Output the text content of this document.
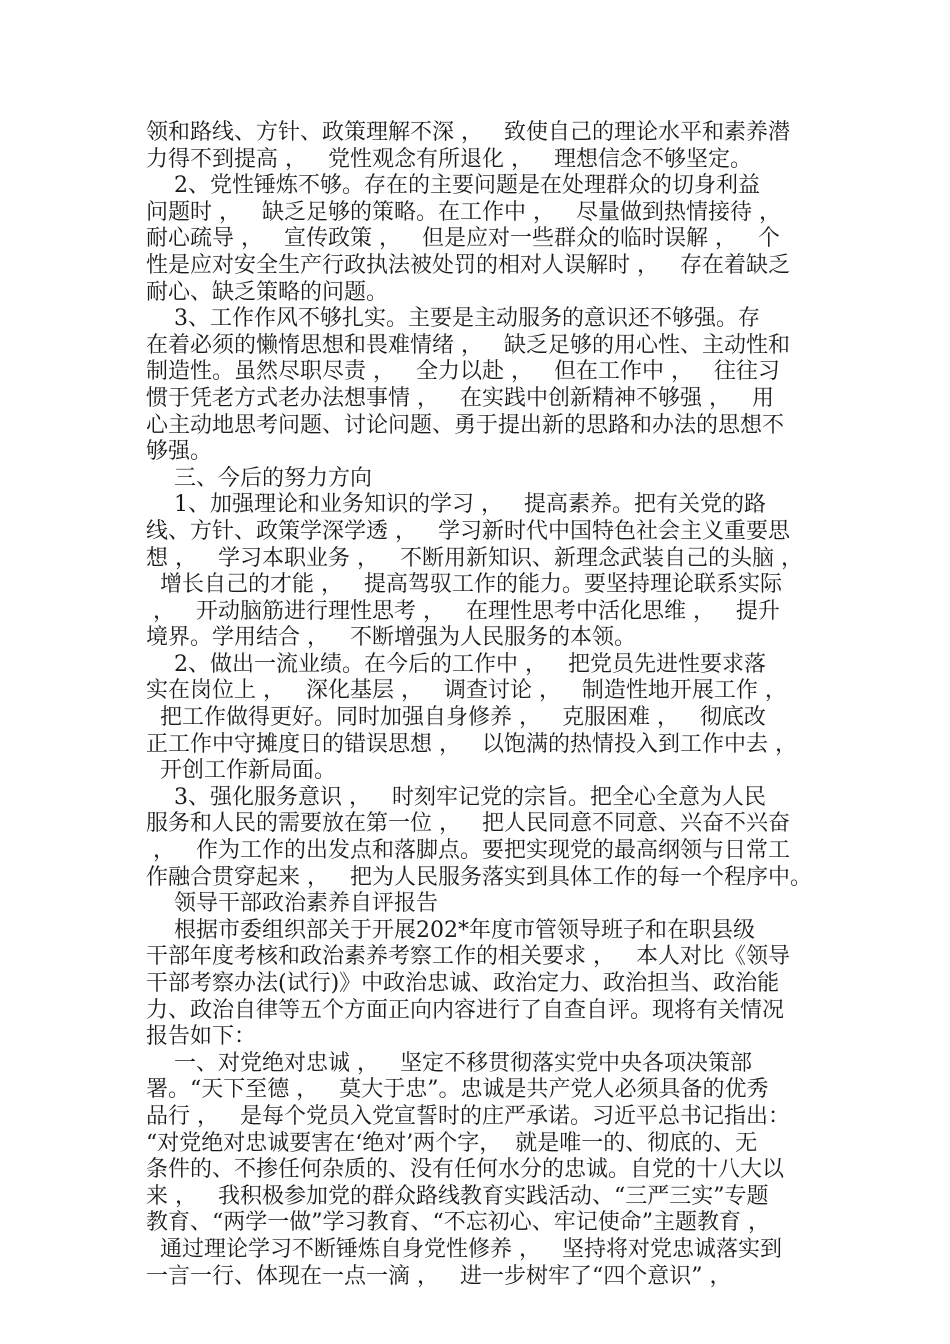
领和路线、方针、政策理解不深 ，   致使自己的理论水平和素养潜
力得不到提高 ，   党性观念有所退化 ，   理想信念不够坚定。
2、党性锤炼不够。存在的主要问题是在处理群众的切身利益
问题时 ，   缺乏足够的策略。在工作中 ，   尽量做到热情接待 ，
耐心疏导 ，   宣传政策 ，   但是应对一些群众的临时误解 ，   个
性是应对安全生产行政执法被处罚的相对人误解时 ，   存在着缺乏
耐心、缺乏策略的问题。
3、工作作风不够扎实。主要是主动服务的意识还不够强。存
在着必须的懒惰思想和畏难情绪 ，   缺乏足够的用心性、主动性和
制造性。虽然尽职尽责 ，   全力以赴 ，   但在工作中 ，   往往习
惯于凭老方式老办法想事情 ，   在实践中创新精神不够强 ，   用
心主动地思考问题、讨论问题、勇于提出新的思路和办法的思想不
够强。
三、今后的努力方向
1、加强理论和业务知识的学习 ，   提高素养。把有关党的路
线、方针、政策学深学透 ，   学习新时代中国特色社会主义重要思
想 ，   学习本职业务 ，   不断用新知识、新理念武装自己的头脑 ，
增长自己的才能 ，   提高驾驭工作的能力。要坚持理论联系实际
，   开动脑筋进行理性思考 ，   在理性思考中活化思维 ，   提升
境界。学用结合 ，   不断增强为人民服务的本领。
2、做出一流业绩。在今后的工作中 ，   把党员先进性要求落
实在岗位上 ，   深化基层 ，   调查讨论 ，   制造性地开展工作 ，
把工作做得更好。同时加强自身修养 ，   克服困难 ，   彻底改
正工作中守摊度日的错误思想 ，   以饱满的热情投入到工作中去 ，
开创工作新局面。
3、强化服务意识 ，   时刻牢记党的宗旨。把全心全意为人民
服务和人民的需要放在第一位 ，   把人民同意不同意、兴奋不兴奋
，   作为工作的出发点和落脚点。要把实现党的最高纲领与日常工
作融合贯穿起来 ，   把为人民服务落实到具体工作的每一个程序中。
领导干部政治素养自评报告
根据市委组织部关于开展202*年度市管领导班子和在职县级
干部年度考核和政治素养考察工作的相关要求 ，   本人对比《领导
干部考察办法(试行)》中政治忠诚、政治定力、政治担当、政治能
力、政治自律等五个方面正向内容进行了自查自评。现将有关情况
报告如下：
一、对党绝对忠诚 ，   坚定不移贯彻落实党中央各项决策部
署。“天下至德 ，   莫大于忠”。忠诚是共产党人必须具备的优秀
品行 ，   是每个党员入党宣誓时的庄严承诺。习近平总书记指出：
“对党绝对忠诚要害在‘绝对’两个字，  就是唯一的、彻底的、无
条件的、不掺任何杂质的、没有任何水分的忠诚。自党的十八大以
来 ，   我积极参加党的群众路线教育实践活动、“三严三实”专题
教育、“两学一做”学习教育、“不忘初心、牢记使命”主题教育 ，
通过理论学习不断锤炼自身党性修养 ，   坚持将对党忠诚落实到
一言一行、体现在一点一滴 ，   进一步树牢了“四个意识” ，
